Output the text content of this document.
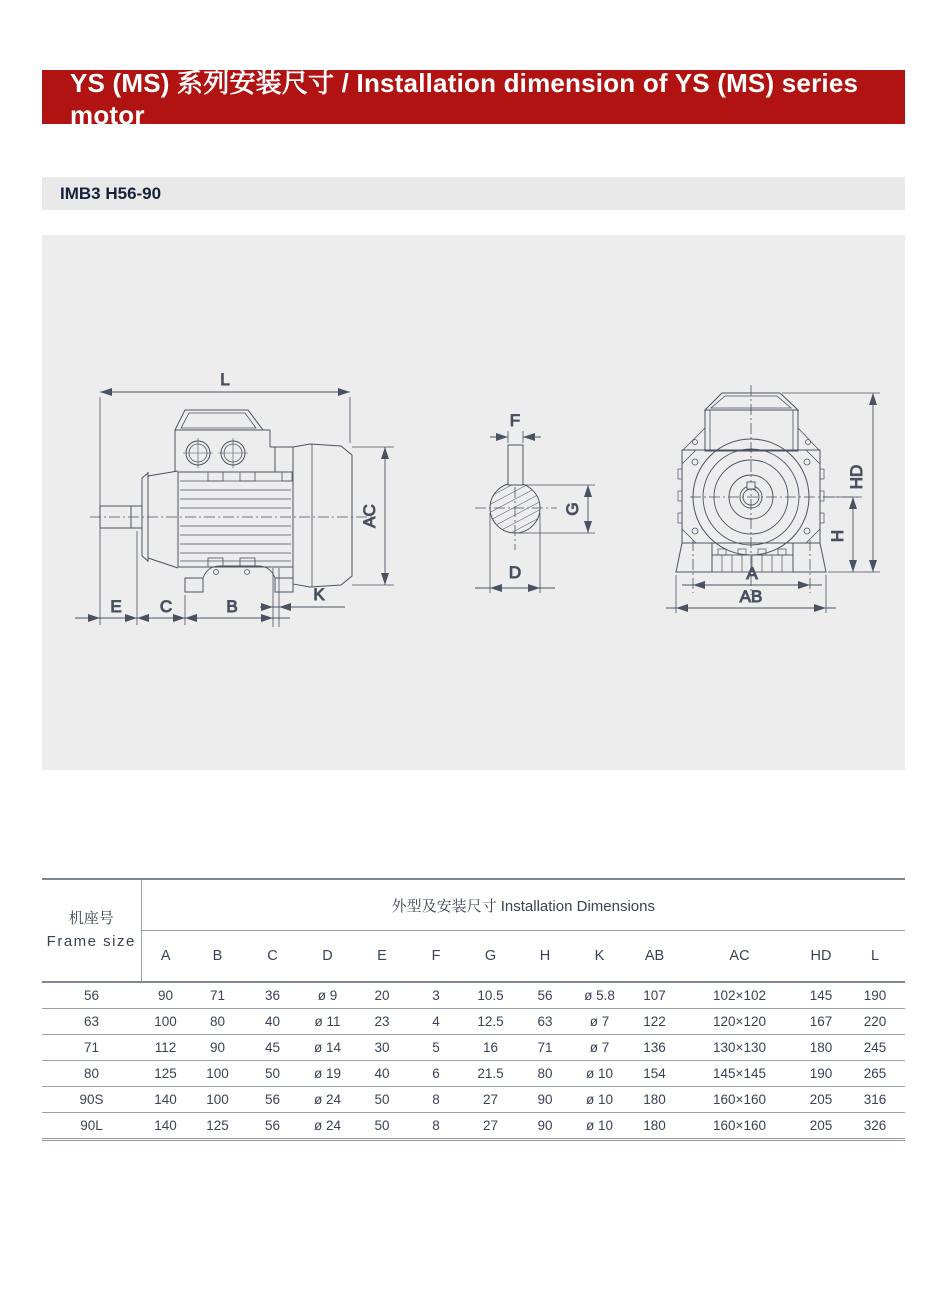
YS (MS) 系列安装尺寸 / Installation dimension of YS (MS) series motor
IMB3 H56-90
L
AC
E C	B
K
F
G
D	A
AB
HD
H
机座号
Frame size	外型及安装尺寸 Installation Dimensions												
	A	B	C	D	E	F	G	H	K	AB	AC	HD	L
56	90	71	36	ø 9	20	3	10.5	56	ø 5.8	107	102×102	145	190
63	100	80	40	ø 11	23	4	12.5	63	ø 7	122	120×120	167	220
71	112	90	45	ø 14	30	5	16	71	ø 7	136	130×130	180	245
80	125	100	50	ø 19	40	6	21.5	80	ø 10	154	145×145	190	265
90S	140	100	56	ø 24	50	8	27	90	ø 10	180	160×160	205	316
90L	140	125	56	ø 24	50	8	27	90	ø 10	180	160×160	205	326
